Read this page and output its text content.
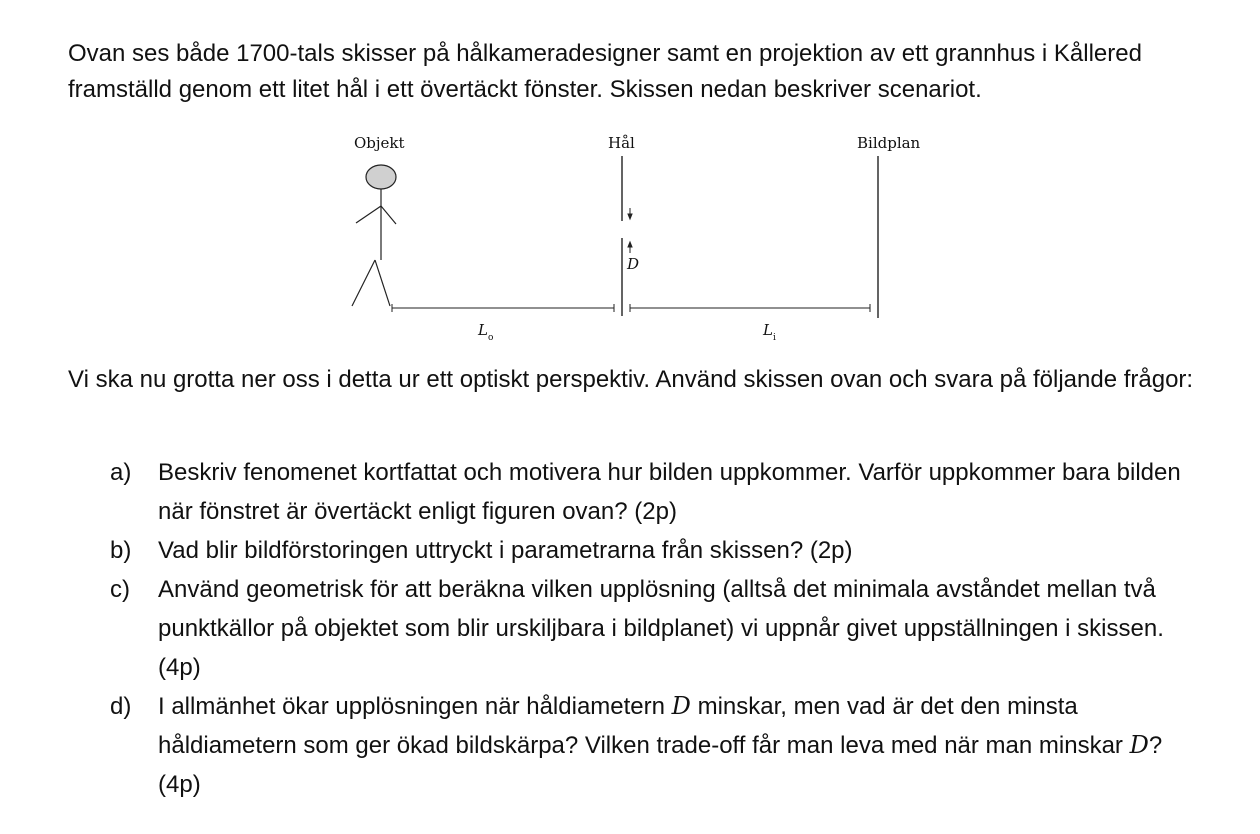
Ovan ses både 1700-tals skisser på hålkameradesigner samt en projektion av ett grannhus i Kållered framställd genom ett litet hål i ett övertäckt fönster. Skissen nedan beskriver scenariot.

Objekt	Hål	Bildplan
D
$L_o$	$L_i$

Vi ska nu grotta ner oss i detta ur ett optiskt perspektiv. Använd skissen ovan och svara på följande frågor:

a) Beskriv fenomenet kortfattat och motivera hur bilden uppkommer. Varför uppkommer bara bilden när fönstret är övertäckt enligt figuren ovan? (2p)
b) Vad blir bildförstoringen uttryckt i parametrarna från skissen? (2p)
c) Använd geometrisk för att beräkna vilken upplösning (alltså det minimala avståndet mellan två punktkällor på objektet som blir urskiljbara i bildplanet) vi uppnår givet uppställningen i skissen. (4p)
d) I allmänhet ökar upplösningen när håldiametern D minskar, men vad är det den minsta håldiametern som ger ökad bildskärpa? Vilken trade-off får man leva med när man minskar D? (4p)
